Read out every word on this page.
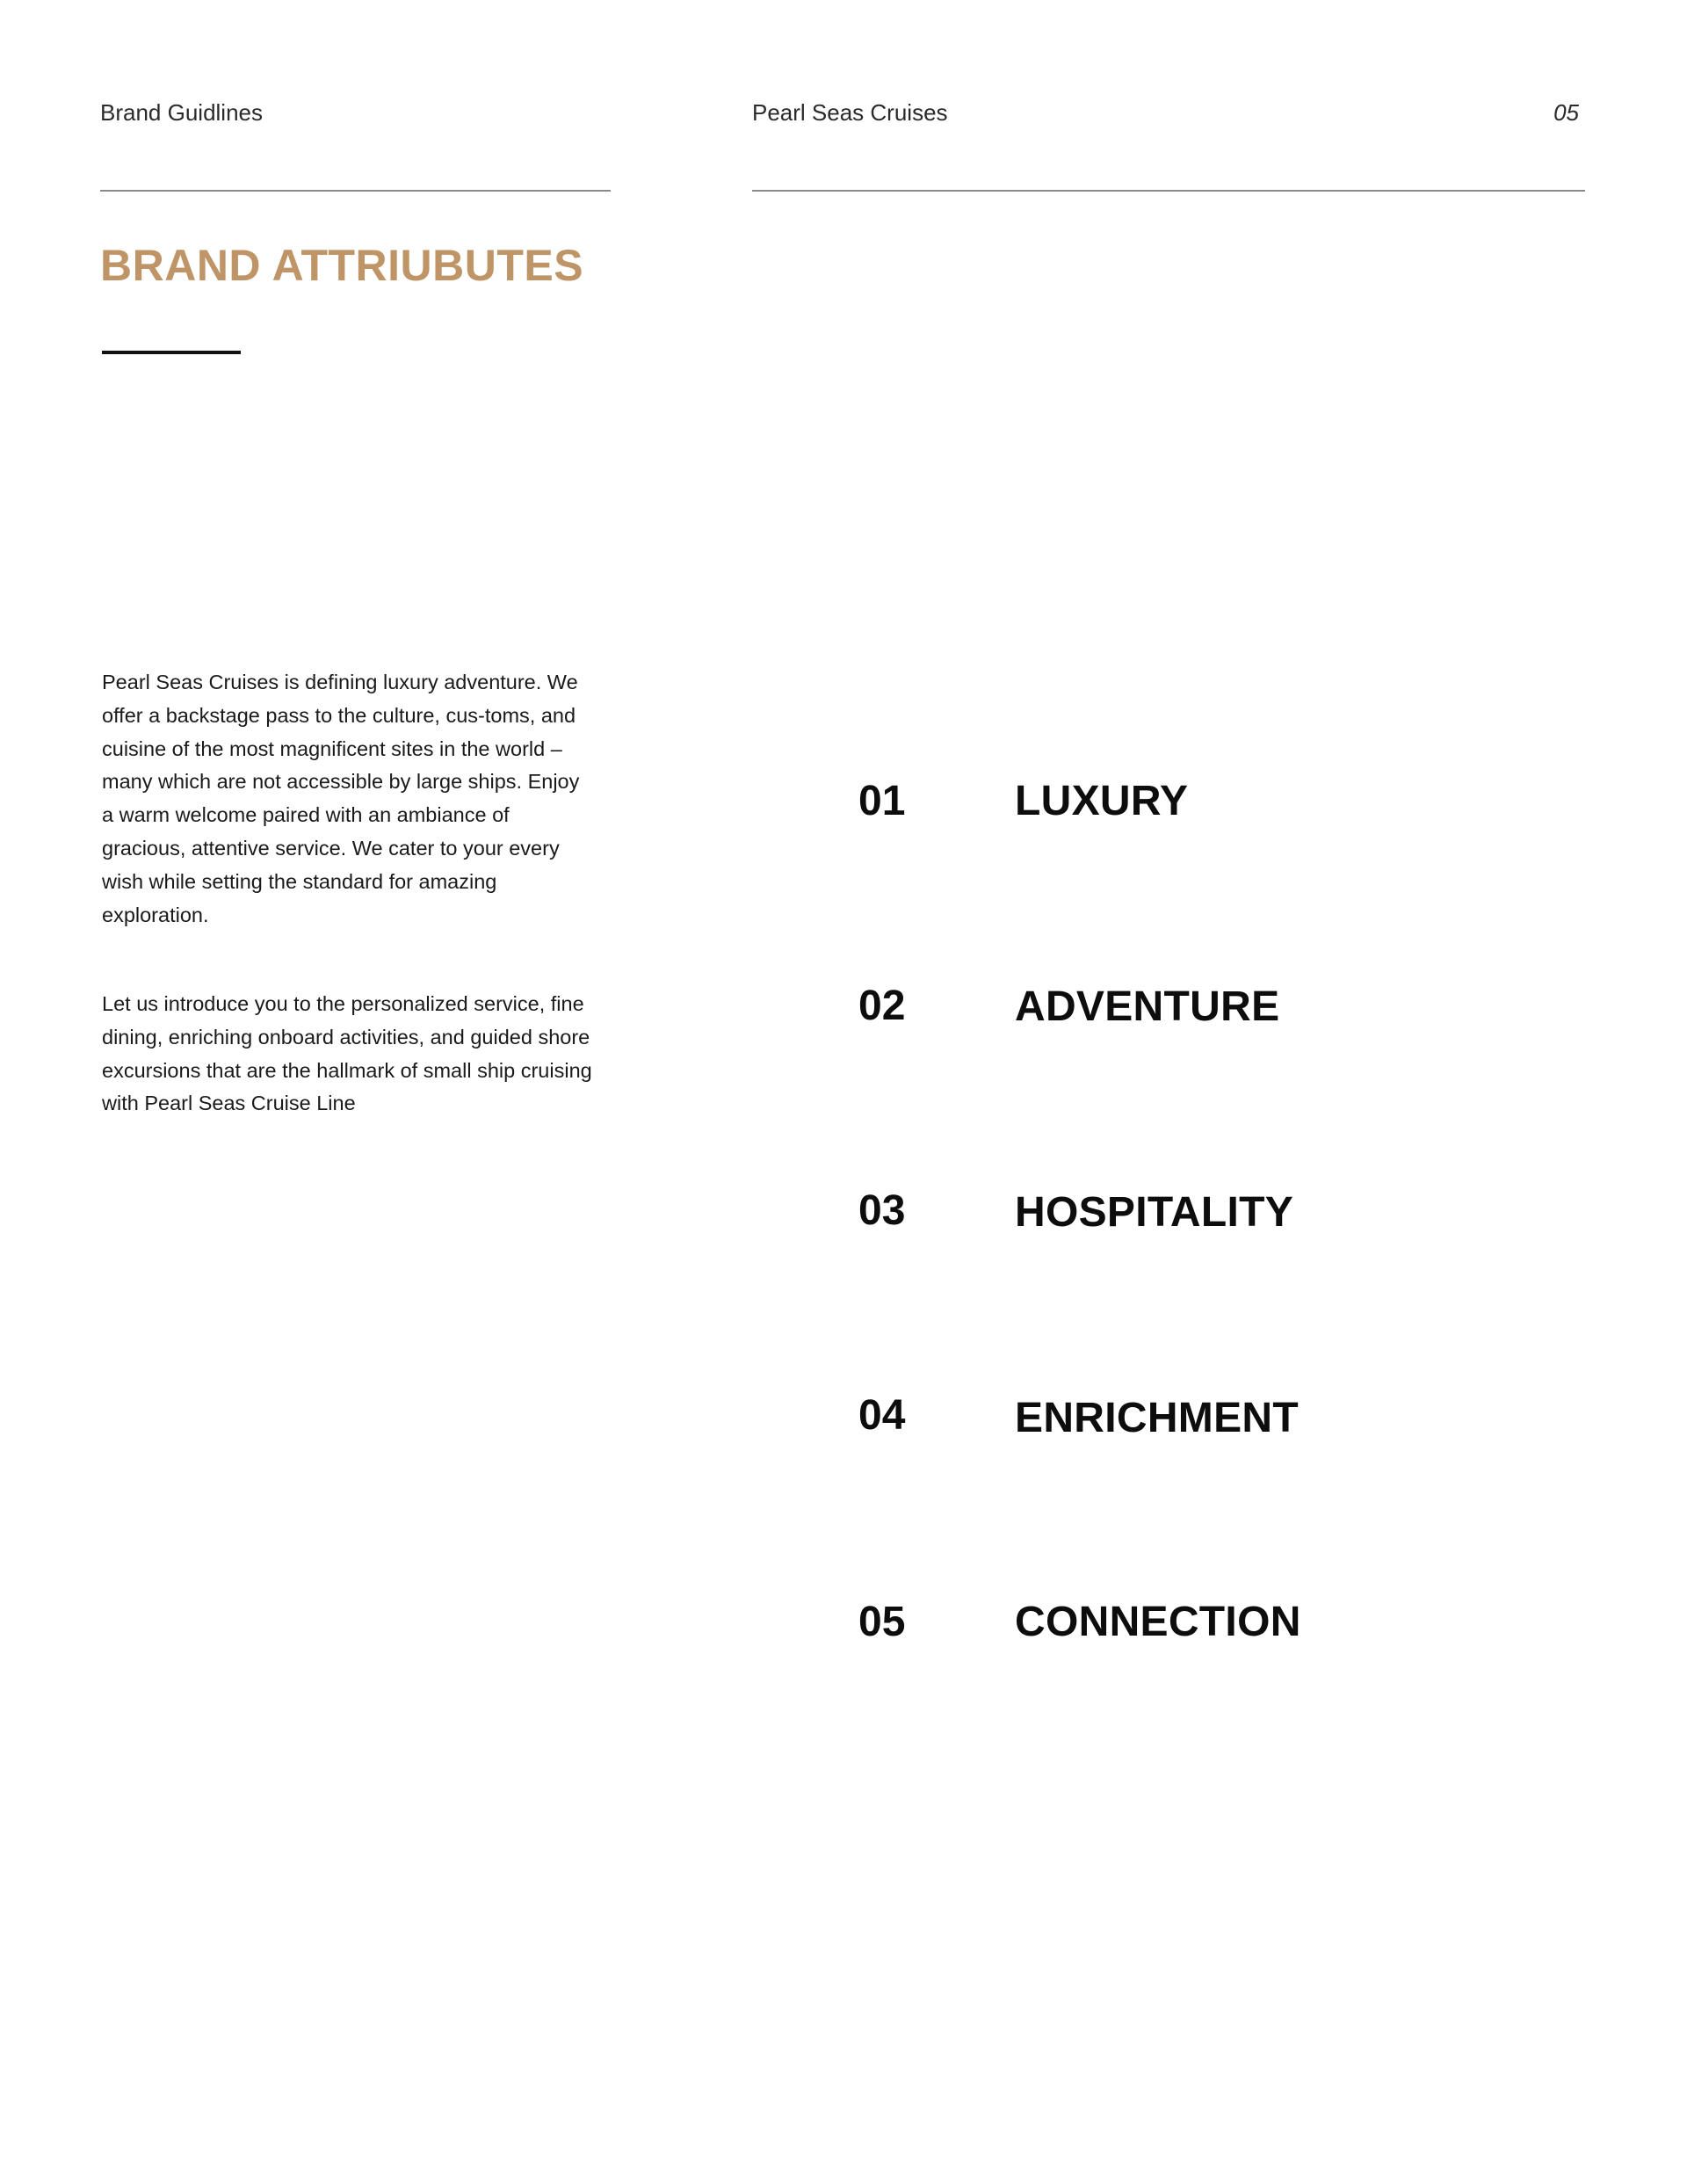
Brand Guidlines	Pearl Seas Cruises	05
BRAND ATTRIUBUTES
Pearl Seas Cruises is defining luxury adventure. We offer a backstage pass to the culture, cus-toms, and cuisine of the most magnificent sites in the world – many which are not accessible by large ships. Enjoy a warm welcome paired with an ambiance of gracious, attentive service. We cater to your every wish while setting the standard for amazing exploration.
Let us introduce you to the personalized service, fine dining, enriching onboard activities, and guided shore excursions that are the hallmark of small ship cruising with Pearl Seas Cruise Line
01	LUXURY
02	ADVENTURE
03	HOSPITALITY
04	ENRICHMENT
05	CONNECTION
